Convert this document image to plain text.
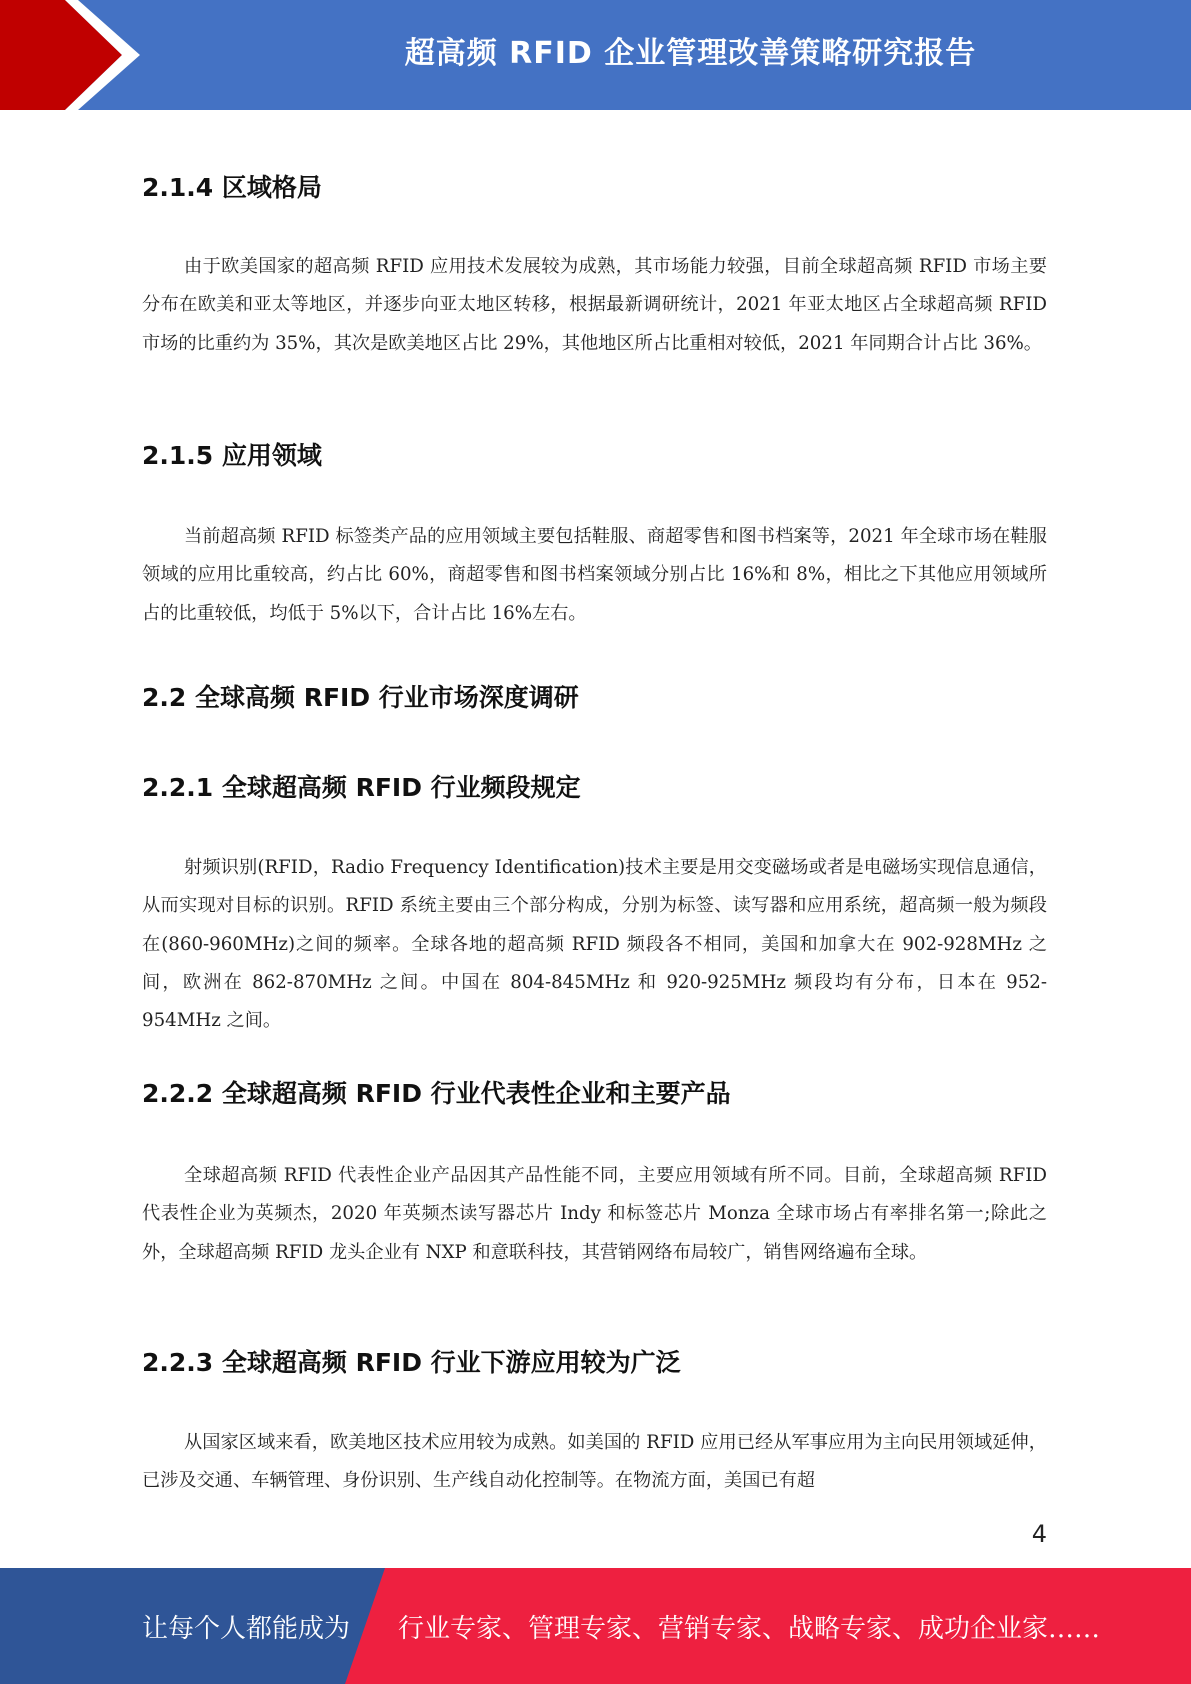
超高频 RFID 企业管理改善策略研究报告
2.1.4 区域格局

由于欧美国家的超高频 RFID 应用技术发展较为成熟，其市场能力较强，目前全球超高频 RFID 市场主要分布在欧美和亚太等地区，并逐步向亚太地区转移，根据最新调研统计，2021 年亚太地区占全球超高频 RFID 市场的比重约为 35%，其次是欧美地区占比 29%，其他地区所占比重相对较低，2021 年同期合计占比 36%。

2.1.5 应用领域

当前超高频 RFID 标签类产品的应用领域主要包括鞋服、商超零售和图书档案等，2021 年全球市场在鞋服领域的应用比重较高，约占比 60%，商超零售和图书档案领域分别占比 16%和 8%，相比之下其他应用领域所占的比重较低，均低于 5%以下，合计占比 16%左右。

2.2 全球高频 RFID 行业市场深度调研
2.2.1 全球超高频 RFID 行业频段规定

射频识别(RFID，Radio Frequency Identification)技术主要是用交变磁场或者是电磁场实现信息通信，从而实现对目标的识别。RFID 系统主要由三个部分构成，分别为标签、读写器和应用系统，超高频一般为频段在(860-960MHz)之间的频率。全球各地的超高频 RFID 频段各不相同，美国和加拿大在 902-928MHz 之间，欧洲在 862-870MHz 之间。中国在 804-845MHz 和 920-925MHz 频段均有分布，日本在 952-954MHz 之间。

2.2.2 全球超高频 RFID 行业代表性企业和主要产品

全球超高频 RFID 代表性企业产品因其产品性能不同，主要应用领域有所不同。目前，全球超高频 RFID 代表性企业为英频杰，2020 年英频杰读写器芯片 Indy 和标签芯片 Monza 全球市场占有率排名第一;除此之外，全球超高频 RFID 龙头企业有 NXP 和意联科技，其营销网络布局较广，销售网络遍布全球。

2.2.3 全球超高频 RFID 行业下游应用较为广泛

从国家区域来看，欧美地区技术应用较为成熟。如美国的 RFID 应用已经从军事应用为主向民用领域延伸，已涉及交通、车辆管理、身份识别、生产线自动化控制等。在物流方面，美国已有超

4
让每个人都能成为	行业专家、管理专家、营销专家、战略专家、成功企业家……
